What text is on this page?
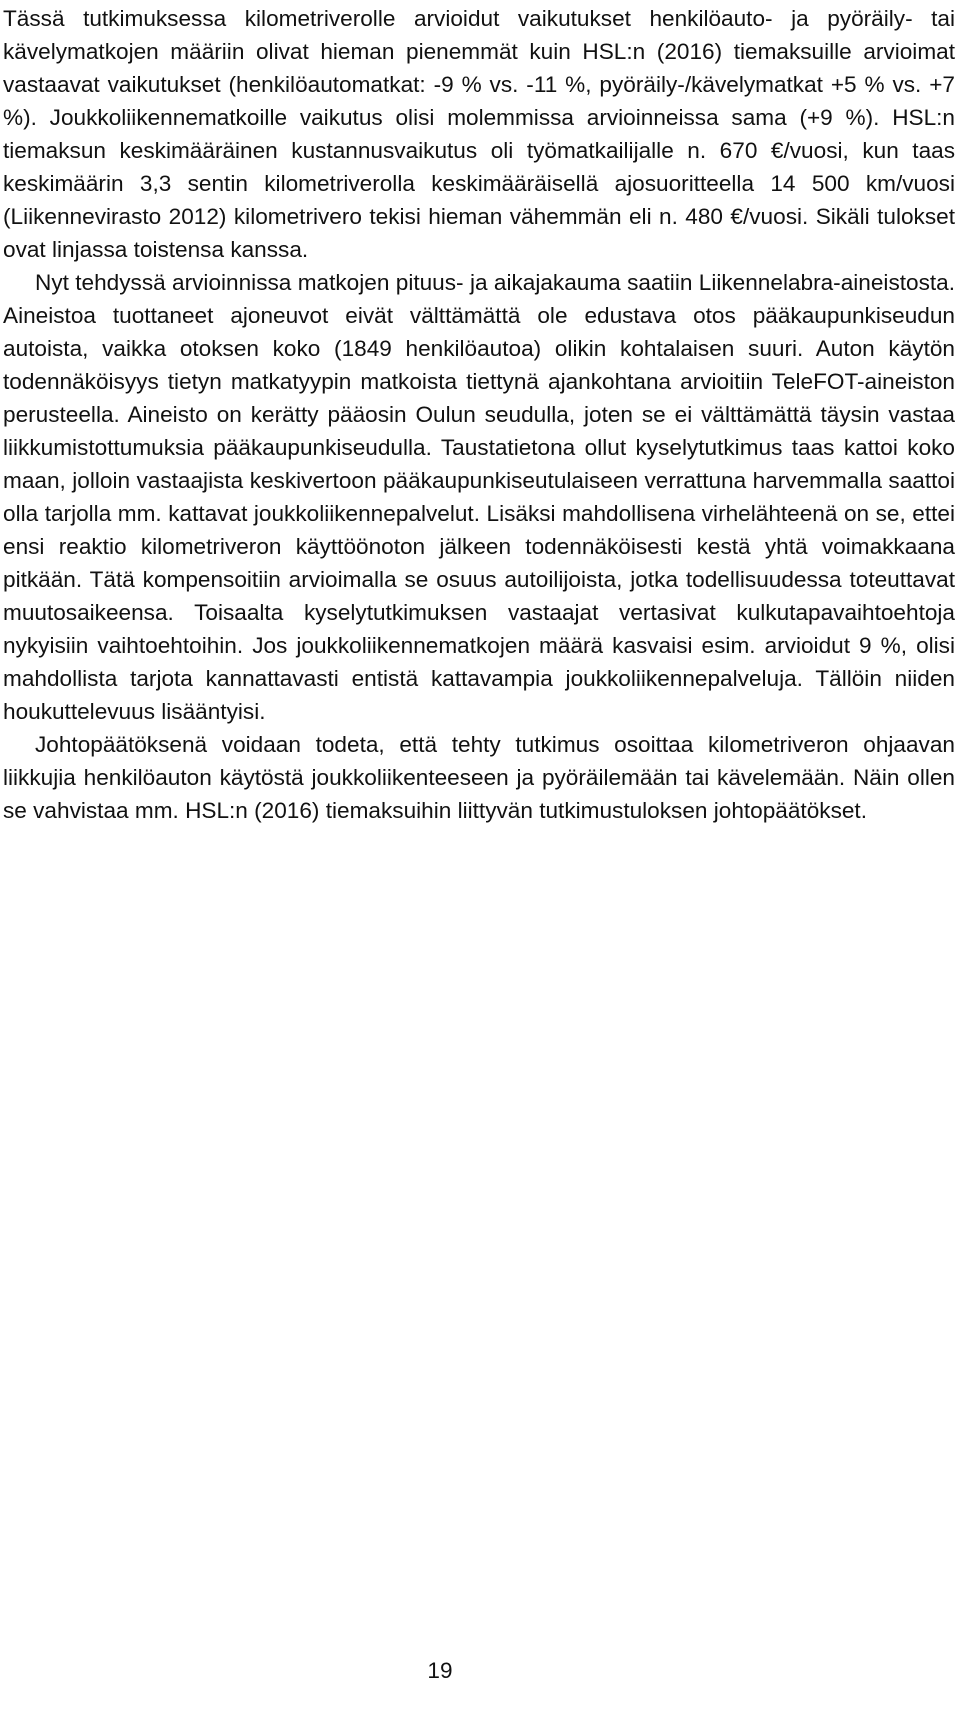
Tässä tutkimuksessa kilometriverolle arvioidut vaikutukset henkilöauto- ja pyöräily- tai kävelymatkojen määriin olivat hieman pienemmät kuin HSL:n (2016) tiemaksuille arvioimat vastaavat vaikutukset (henkilöautomatkat: -9 % vs. -11 %, pyöräily-/kävelymatkat +5 % vs. +7 %). Joukkoliikennematkoille vaikutus olisi molemmissa arvioinneissa sama (+9 %). HSL:n tiemaksun keskimääräinen kustannusvaikutus oli työmatkailijalle n. 670 €/vuosi, kun taas keskimäärin 3,3 sentin kilometriverolla keskimääräisellä ajosuoritteella 14 500 km/vuosi (Liikennevirasto 2012) kilometrivero tekisi hieman vähemmän eli n. 480 €/vuosi. Sikäli tulokset ovat linjassa toistensa kanssa.

Nyt tehdyssä arvioinnissa matkojen pituus- ja aikajakauma saatiin Liikennelabra-aineistosta. Aineistoa tuottaneet ajoneuvot eivät välttämättä ole edustava otos pääkaupunkiseudun autoista, vaikka otoksen koko (1849 henkilöautoa) olikin kohtalaisen suuri. Auton käytön todennäköisyys tietyn matkatyypin matkoista tiettynä ajankohtana arvioitiin TeleFOT-aineiston perusteella. Aineisto on kerätty pääosin Oulun seudulla, joten se ei välttämättä täysin vastaa liikkumistottumuksia pääkaupunkiseudulla. Taustatietona ollut kyselytutkimus taas kattoi koko maan, jolloin vastaajista keskivertoon pääkaupunkiseutulaiseen verrattuna harvemmalla saattoi olla tarjolla mm. kattavat joukkoliikennepalvelut. Lisäksi mahdollisena virhelähteenä on se, ettei ensi reaktio kilometriveron käyttöönoton jälkeen todennäköisesti kestä yhtä voimakkaana pitkään. Tätä kompensoitiin arvioimalla se osuus autoilijoista, jotka todellisuudessa toteuttavat muutosaikeensa. Toisaalta kyselytutkimuksen vastaajat vertasivat kulkutapavaihtoehtoja nykyisiin vaihtoehtoihin. Jos joukkoliikennematkojen määrä kasvaisi esim. arvioidut 9 %, olisi mahdollista tarjota kannattavasti entistä kattavampia joukkoliikennepalveluja. Tällöin niiden houkuttelevuus lisääntyisi.

Johtopäätöksenä voidaan todeta, että tehty tutkimus osoittaa kilometriveron ohjaavan liikkujia henkilöauton käytöstä joukkoliikenteeseen ja pyöräilemään tai kävelemään. Näin ollen se vahvistaa mm. HSL:n (2016) tiemaksuihin liittyvän tutkimustuloksen johtopäätökset.

19
